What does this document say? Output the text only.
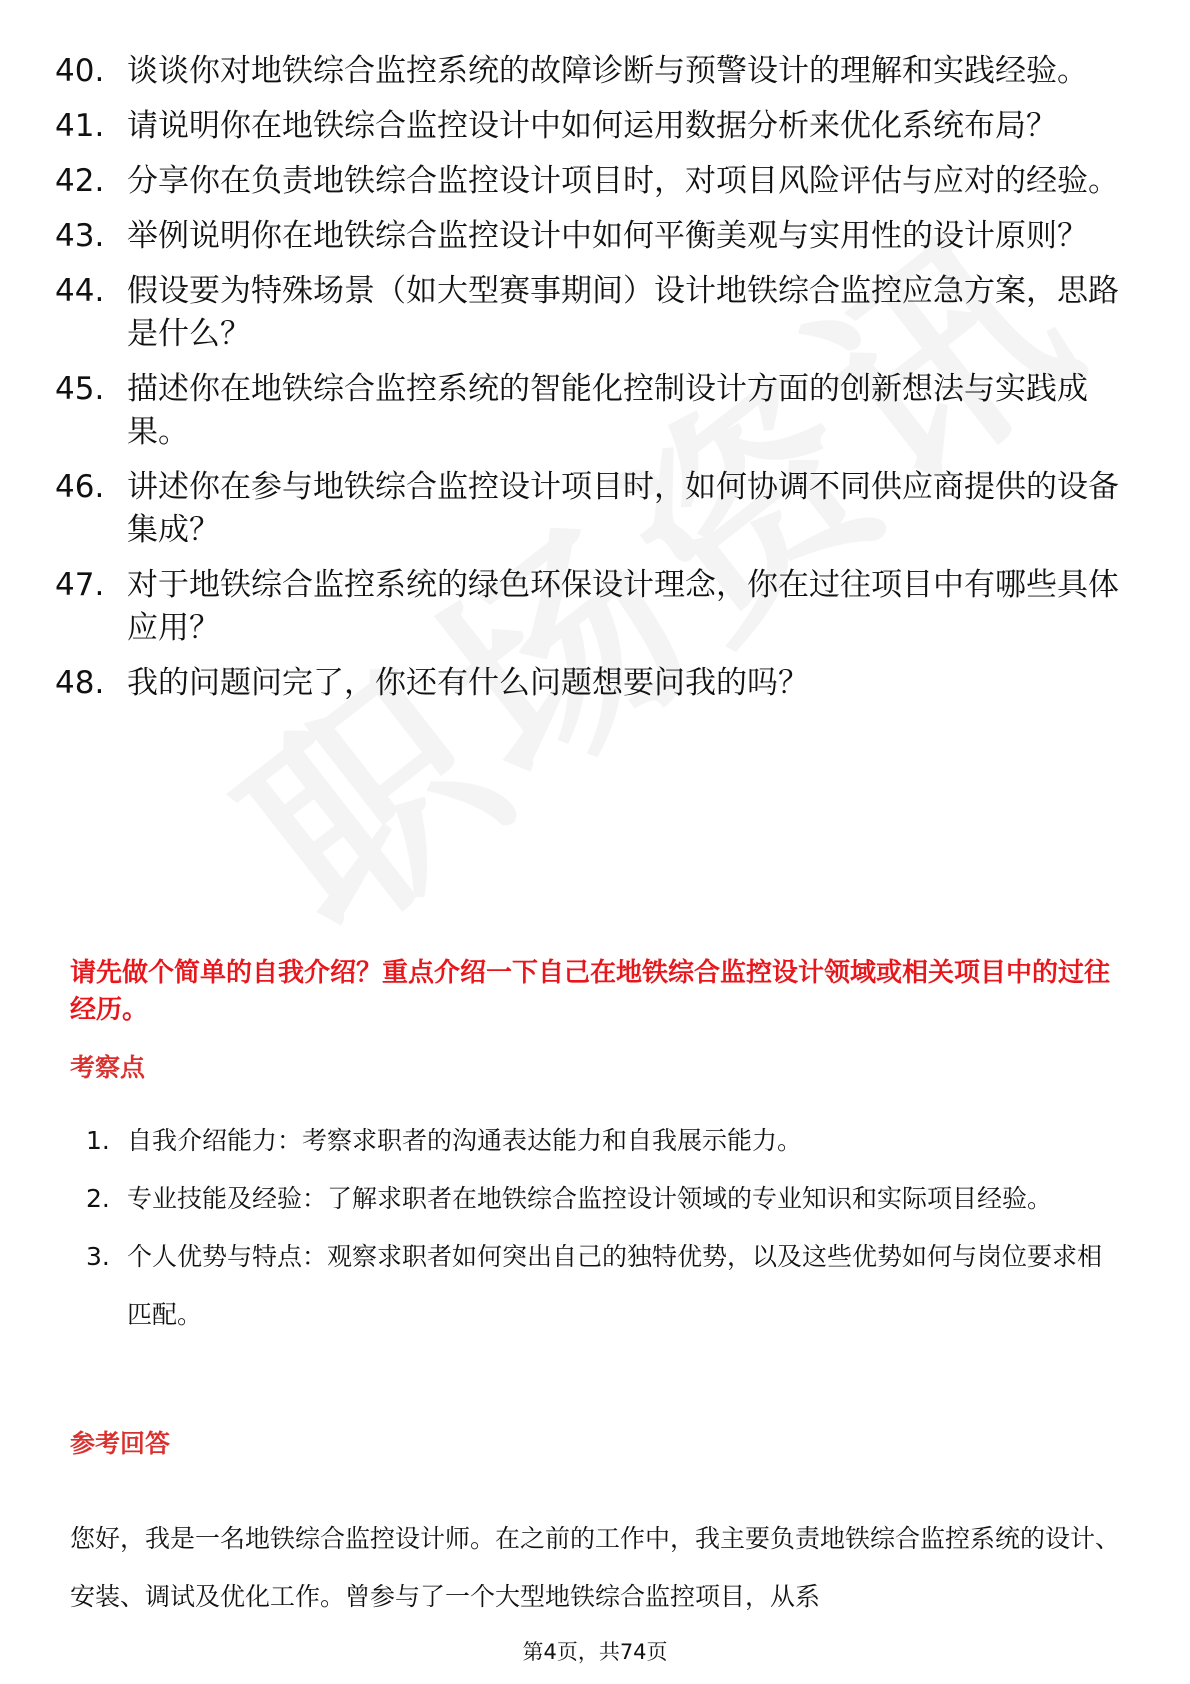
40. 谈谈你对地铁综合监控系统的故障诊断与预警设计的理解和实践经验。
41. 请说明你在地铁综合监控设计中如何运用数据分析来优化系统布局？
42. 分享你在负责地铁综合监控设计项目时，对项目风险评估与应对的经验。
43. 举例说明你在地铁综合监控设计中如何平衡美观与实用性的设计原则？
44. 假设要为特殊场景（如大型赛事期间）设计地铁综合监控应急方案，思路是什么？
45. 描述你在地铁综合监控系统的智能化控制设计方面的创新想法与实践成果。
46. 讲述你在参与地铁综合监控设计项目时，如何协调不同供应商提供的设备集成？
47. 对于地铁综合监控系统的绿色环保设计理念，你在过往项目中有哪些具体应用？
48. 我的问题问完了，你还有什么问题想要问我的吗？
请先做个简单的自我介绍？重点介绍一下自己在地铁综合监控设计领域或相关项目中的过往经历。
考察点
1. 自我介绍能力：考察求职者的沟通表达能力和自我展示能力。
2. 专业技能及经验：了解求职者在地铁综合监控设计领域的专业知识和实际项目经验。
3. 个人优势与特点：观察求职者如何突出自己的独特优势，以及这些优势如何与岗位要求相匹配。
参考回答
您好，我是一名地铁综合监控设计师。在之前的工作中，我主要负责地铁综合监控系统的设计、安装、调试及优化工作。曾参与了一个大型地铁综合监控项目，从系
第4页，共74页
